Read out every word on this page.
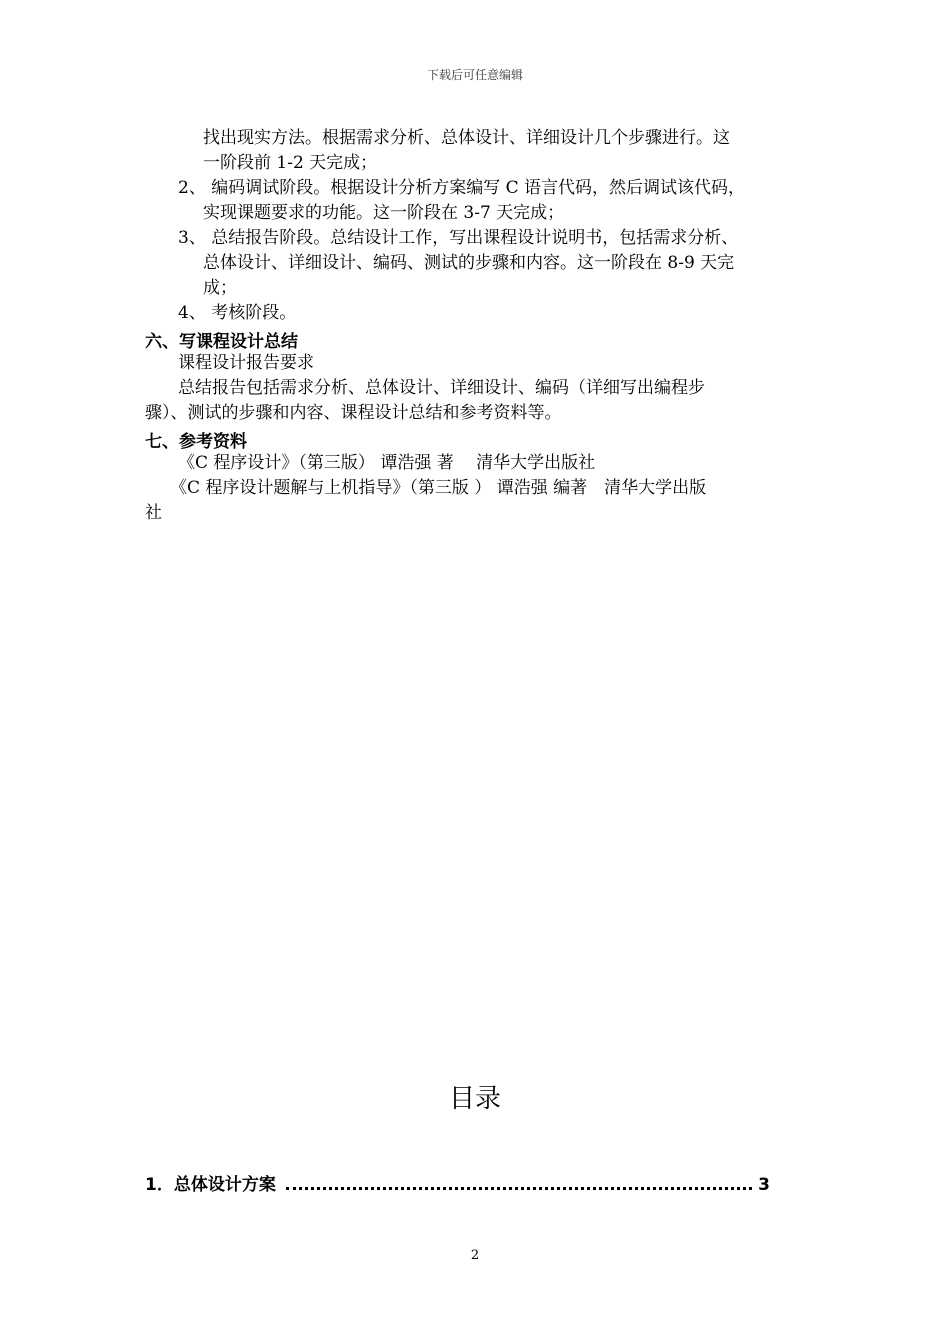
下载后可任意编辑
找出现实方法。根据需求分析、总体设计、详细设计几个步骤进行。这
一阶段前 1-2 天完成；
2、 编码调试阶段。根据设计分析方案编写 C 语言代码，然后调试该代码，
实现课题要求的功能。这一阶段在 3-7 天完成；
3、 总结报告阶段。总结设计工作，写出课程设计说明书，包括需求分析、
总体设计、详细设计、编码、测试的步骤和内容。这一阶段在 8-9 天完
成；
4、 考核阶段。
六、写课程设计总结
课程设计报告要求
总结报告包括需求分析、总体设计、详细设计、编码（详细写出编程步
骤）、测试的步骤和内容、课程设计总结和参考资料等。
七、参考资料
《C 程序设计》（第三版） 谭浩强 著　 清华大学出版社
《C 程序设计题解与上机指导》（第三版 ） 谭浩强 编著　清华大学出版
社
目录
1．总体设计方案	3
2
